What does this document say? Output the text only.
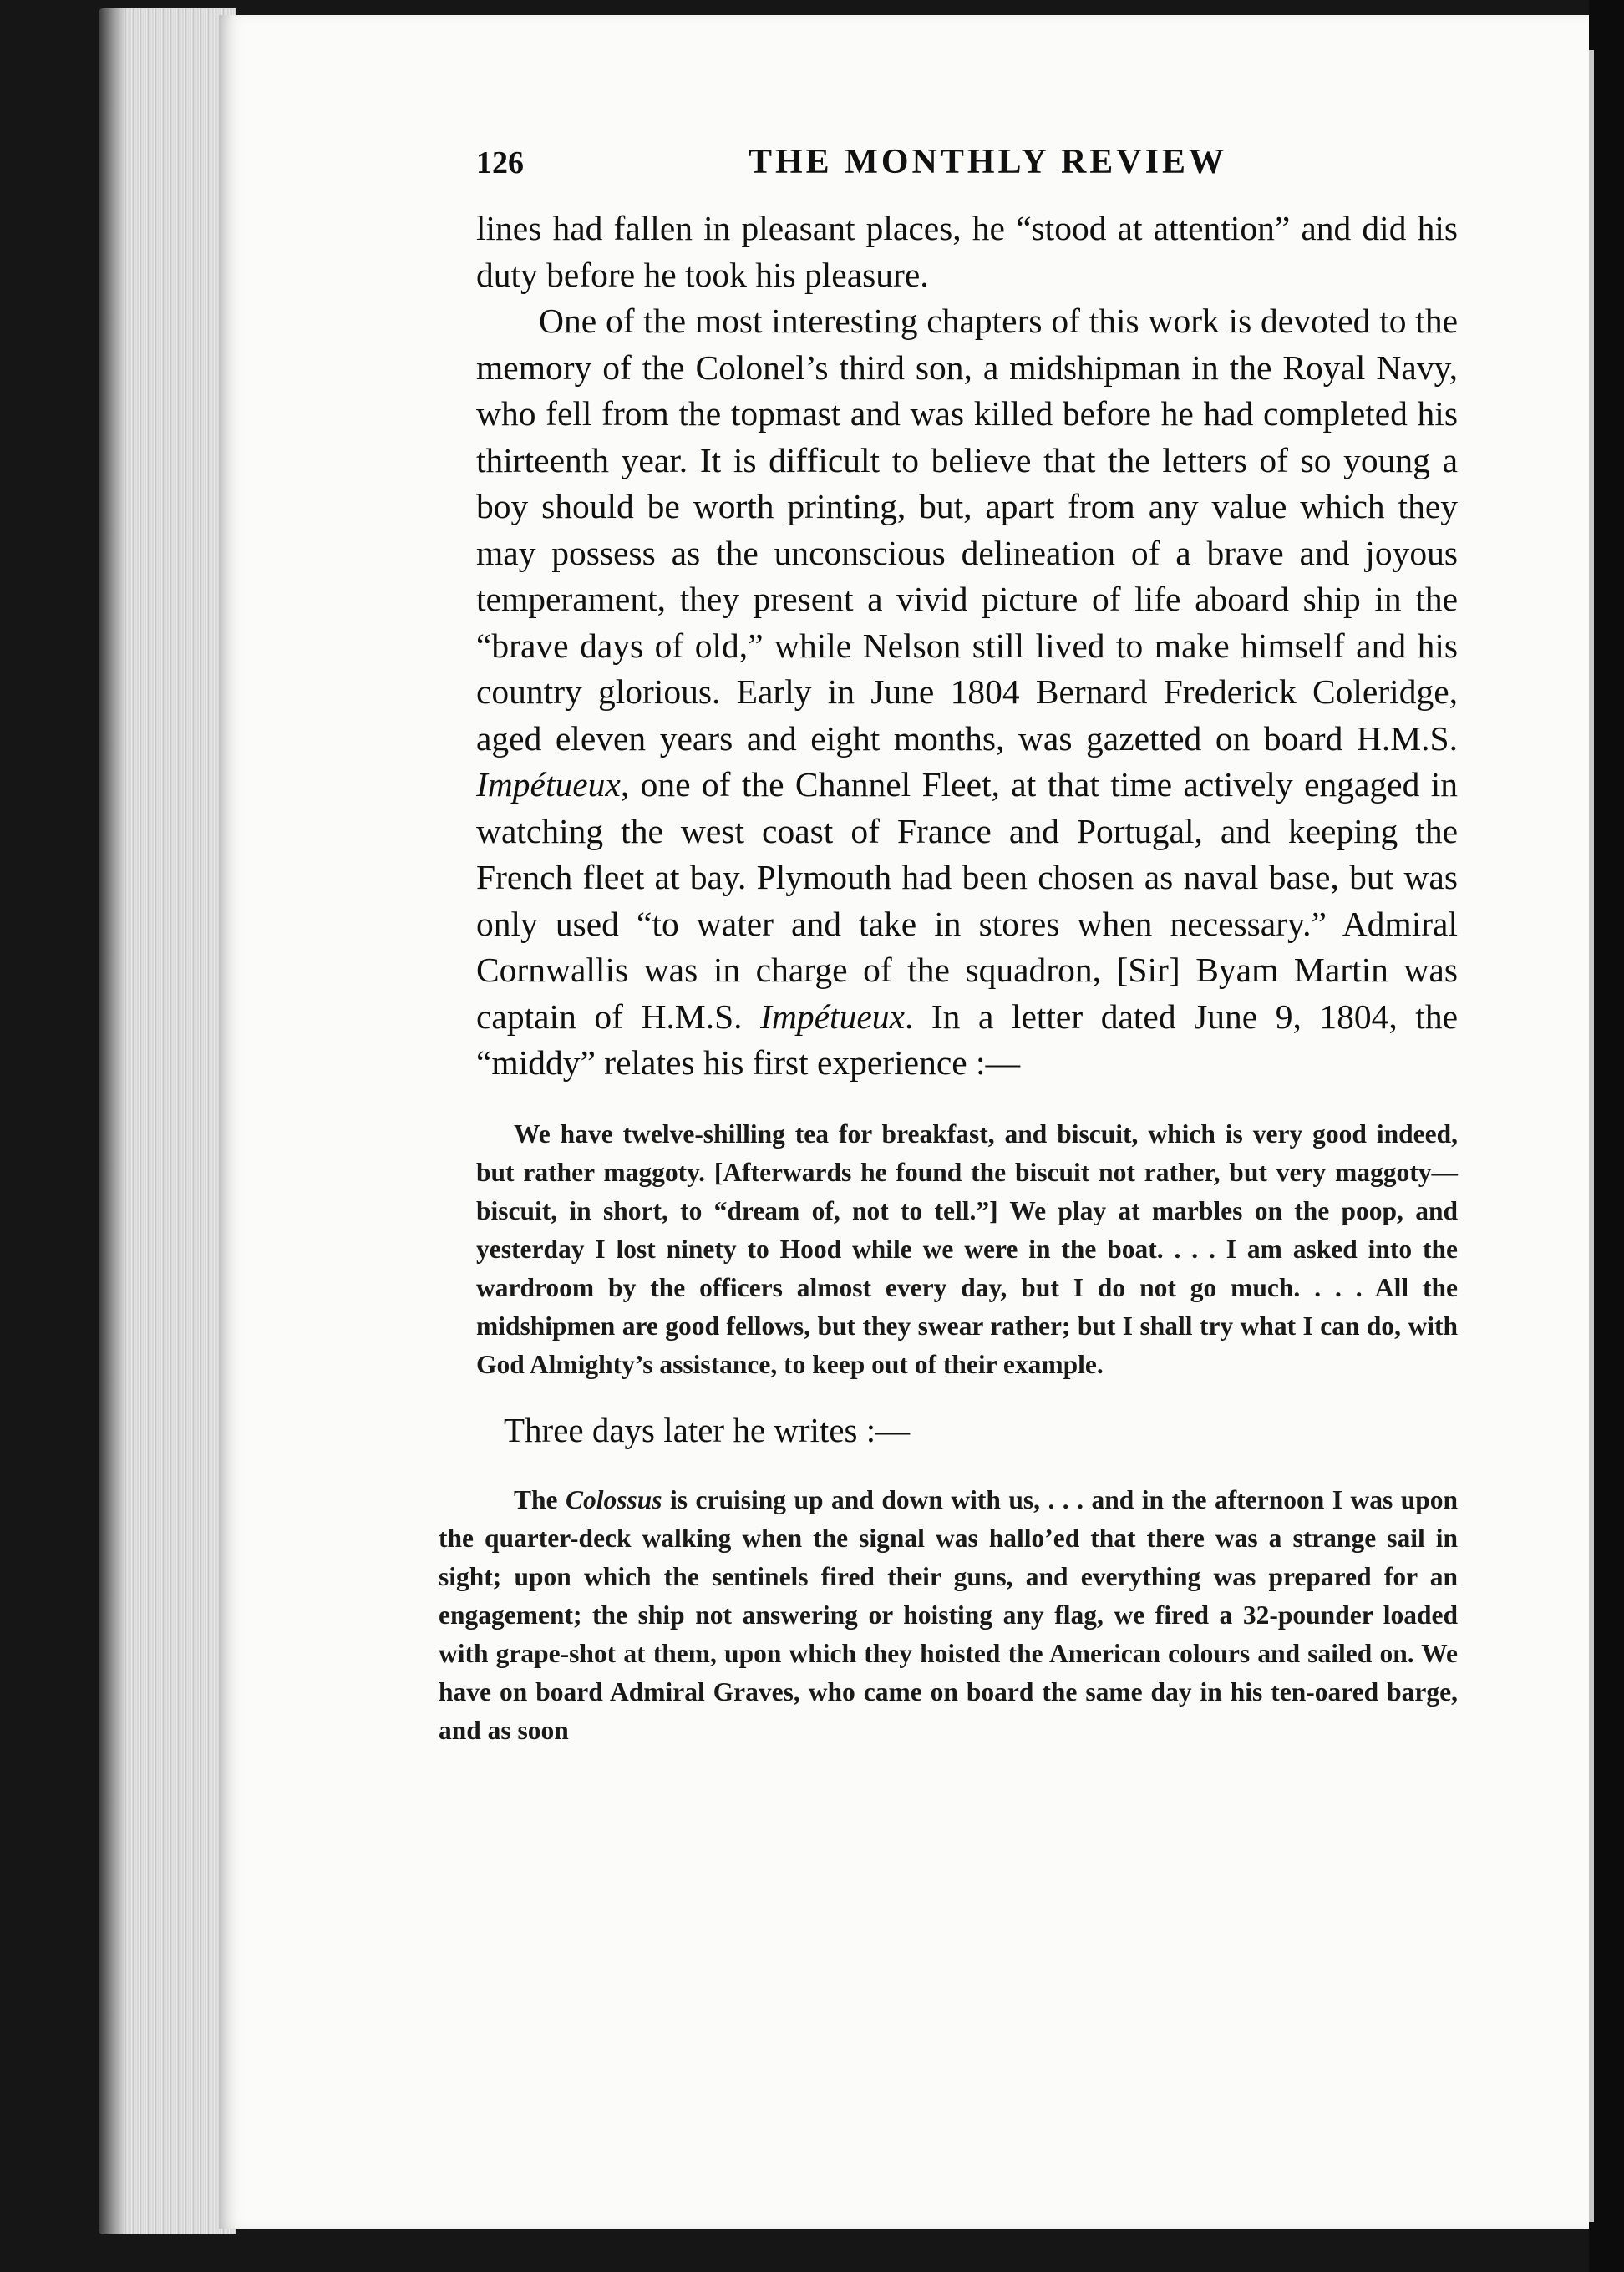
126	THE MONTHLY REVIEW

lines had fallen in pleasant places, he “stood at attention” and did his duty before he took his pleasure.

One of the most interesting chapters of this work is devoted to the memory of the Colonel’s third son, a midshipman in the Royal Navy, who fell from the topmast and was killed before he had completed his thirteenth year. It is difficult to believe that the letters of so young a boy should be worth printing, but, apart from any value which they may possess as the unconscious delineation of a brave and joyous temperament, they present a vivid picture of life aboard ship in the “brave days of old,” while Nelson still lived to make himself and his country glorious. Early in June 1804 Bernard Frederick Coleridge, aged eleven years and eight months, was gazetted on board H.M.S. Impétueux, one of the Channel Fleet, at that time actively engaged in watching the west coast of France and Portugal, and keeping the French fleet at bay. Plymouth had been chosen as naval base, but was only used “to water and take in stores when necessary.” Admiral Cornwallis was in charge of the squadron, [Sir] Byam Martin was captain of H.M.S. Impétueux. In a letter dated June 9, 1804, the “middy” relates his first experience :—

We have twelve-shilling tea for breakfast, and biscuit, which is very good indeed, but rather maggoty. [Afterwards he found the biscuit not rather, but very maggoty—biscuit, in short, to “dream of, not to tell.”] We play at marbles on the poop, and yesterday I lost ninety to Hood while we were in the boat. . . . I am asked into the wardroom by the officers almost every day, but I do not go much. . . . All the midshipmen are good fellows, but they swear rather; but I shall try what I can do, with God Almighty’s assistance, to keep out of their example.

Three days later he writes :—

The Colossus is cruising up and down with us, . . . and in the afternoon I was upon the quarter-deck walking when the signal was hallo’ed that there was a strange sail in sight; upon which the sentinels fired their guns, and everything was prepared for an engagement; the ship not answering or hoisting any flag, we fired a 32-pounder loaded with grape-shot at them, upon which they hoisted the American colours and sailed on. We have on board Admiral Graves, who came on board the same day in his ten-oared barge, and as soon
